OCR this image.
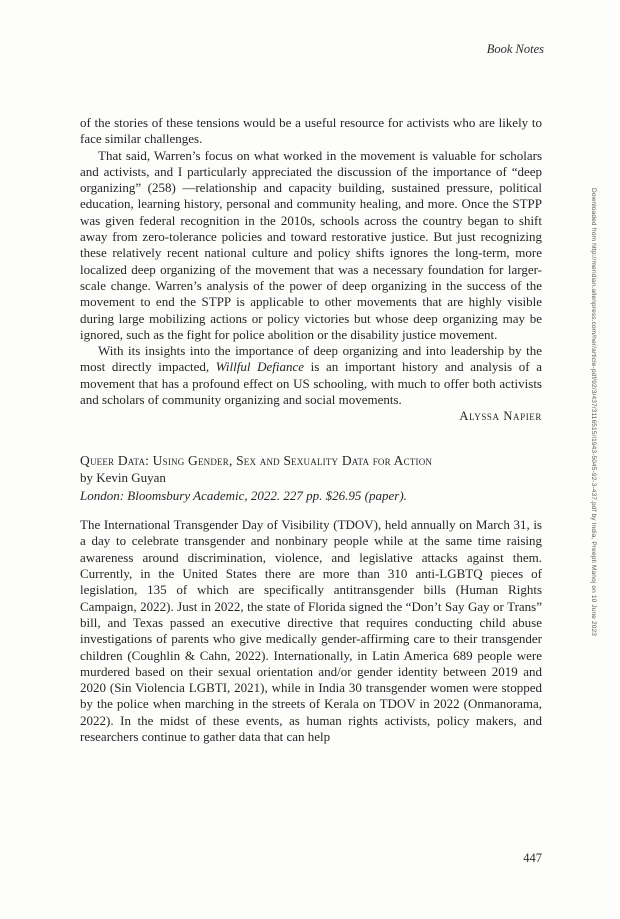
Book Notes

of the stories of these tensions would be a useful resource for activists who are likely to face similar challenges.

That said, Warren’s focus on what worked in the movement is valuable for scholars and activists, and I particularly appreciated the discussion of the importance of “deep organizing” (258) —relationship and capacity building, sustained pressure, political education, learning history, personal and community healing, and more. Once the STPP was given federal recognition in the 2010s, schools across the country began to shift away from zero-tolerance policies and toward restorative justice. But just recognizing these relatively recent national culture and policy shifts ignores the long-term, more localized deep organizing of the movement that was a necessary foundation for larger-scale change. Warren’s analysis of the power of deep organizing in the success of the movement to end the STPP is applicable to other movements that are highly visible during large mobilizing actions or policy victories but whose deep organizing may be ignored, such as the fight for police abolition or the disability justice movement.

With its insights into the importance of deep organizing and into leadership by the most directly impacted, Willful Defiance is an important history and analysis of a movement that has a profound effect on US schooling, with much to offer both activists and scholars of community organizing and social movements.

Alyssa Napier

Queer Data: Using Gender, Sex and Sexuality Data for Action

by Kevin Guyan

London: Bloomsbury Academic, 2022. 227 pp. $26.95 (paper).

The International Transgender Day of Visibility (TDOV), held annually on March 31, is a day to celebrate transgender and nonbinary people while at the same time raising awareness around discrimination, violence, and legislative attacks against them. Currently, in the United States there are more than 310 anti-LGBTQ pieces of legislation, 135 of which are specifically antitransgender bills (Human Rights Campaign, 2022). Just in 2022, the state of Florida signed the “Don’t Say Gay or Trans” bill, and Texas passed an executive directive that requires conducting child abuse investigations of parents who give medically gender-affirming care to their transgender children (Coughlin & Cahn, 2022). Internationally, in Latin America 689 people were murdered based on their sexual orientation and/or gender identity between 2019 and 2020 (Sin Violencia LGBTI, 2021), while in India 30 transgender women were stopped by the police when marching in the streets of Kerala on TDOV in 2022 (Onmanorama, 2022). In the midst of these events, as human rights activists, policy makers, and researchers continue to gather data that can help

Downloaded from http://meridian.allenpress.com/her/article-pdf/92/3/437/3116515/i1943-5045-92-3-437.pdf by India, Preepti Manoj on 10 June 2023
447
